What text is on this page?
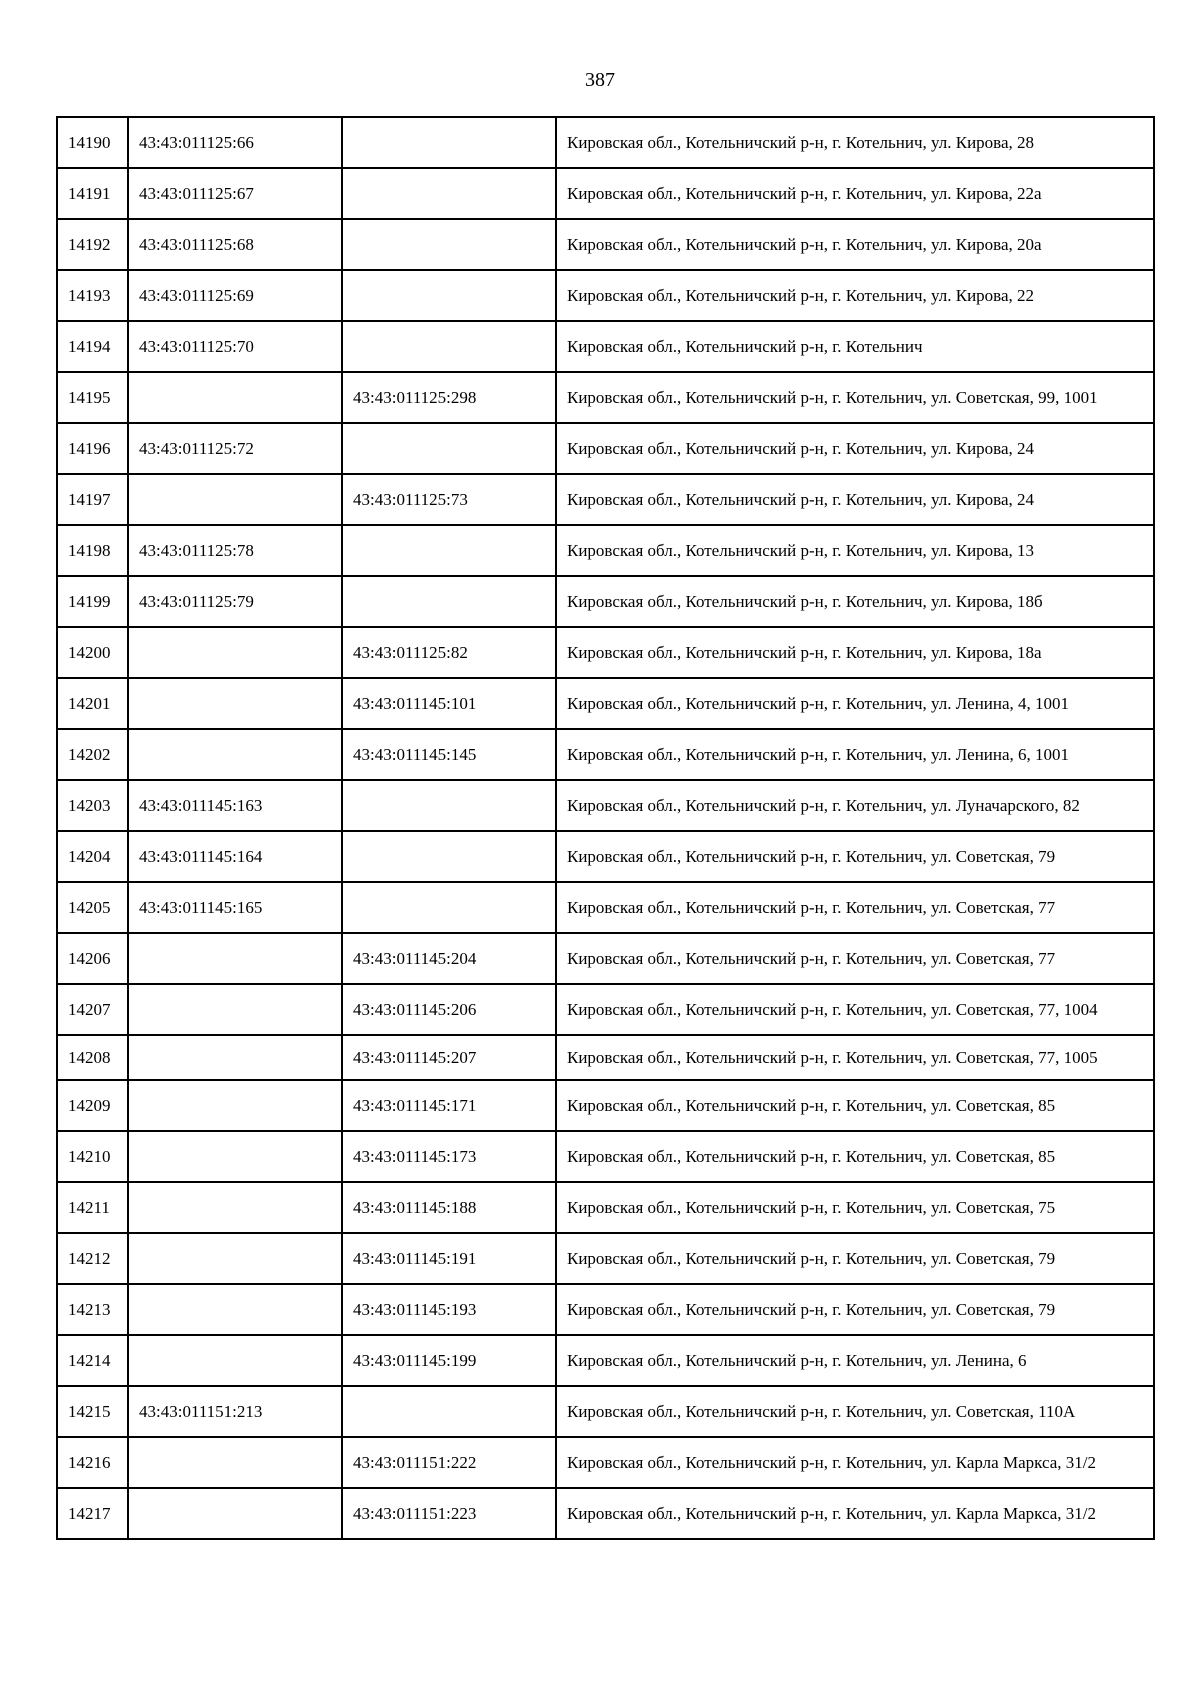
387
14190	43:43:011125:66		Кировская обл., Котельничский р-н, г. Котельнич, ул. Кирова, 28
14191	43:43:011125:67		Кировская обл., Котельничский р-н, г. Котельнич, ул. Кирова, 22а
14192	43:43:011125:68		Кировская обл., Котельничский р-н, г. Котельнич, ул. Кирова, 20а
14193	43:43:011125:69		Кировская обл., Котельничский р-н, г. Котельнич, ул. Кирова, 22
14194	43:43:011125:70		Кировская обл., Котельничский р-н, г. Котельнич
14195		43:43:011125:298	Кировская обл., Котельничский р-н, г. Котельнич, ул. Советская, 99, 1001
14196	43:43:011125:72		Кировская обл., Котельничский р-н, г. Котельнич, ул. Кирова, 24
14197		43:43:011125:73	Кировская обл., Котельничский р-н, г. Котельнич, ул. Кирова, 24
14198	43:43:011125:78		Кировская обл., Котельничский р-н, г. Котельнич, ул. Кирова, 13
14199	43:43:011125:79		Кировская обл., Котельничский р-н, г. Котельнич, ул. Кирова, 18б
14200		43:43:011125:82	Кировская обл., Котельничский р-н, г. Котельнич, ул. Кирова, 18а
14201		43:43:011145:101	Кировская обл., Котельничский р-н, г. Котельнич, ул. Ленина, 4, 1001
14202		43:43:011145:145	Кировская обл., Котельничский р-н, г. Котельнич, ул. Ленина, 6, 1001
14203	43:43:011145:163		Кировская обл., Котельничский р-н, г. Котельнич, ул. Луначарского, 82
14204	43:43:011145:164		Кировская обл., Котельничский р-н, г. Котельнич, ул. Советская, 79
14205	43:43:011145:165		Кировская обл., Котельничский р-н, г. Котельнич, ул. Советская, 77
14206		43:43:011145:204	Кировская обл., Котельничский р-н, г. Котельнич, ул. Советская, 77
14207		43:43:011145:206	Кировская обл., Котельничский р-н, г. Котельнич, ул. Советская, 77, 1004
14208		43:43:011145:207	Кировская обл., Котельничский р-н, г. Котельнич, ул. Советская, 77, 1005
14209		43:43:011145:171	Кировская обл., Котельничский р-н, г. Котельнич, ул. Советская, 85
14210		43:43:011145:173	Кировская обл., Котельничский р-н, г. Котельнич, ул. Советская, 85
14211		43:43:011145:188	Кировская обл., Котельничский р-н, г. Котельнич, ул. Советская, 75
14212		43:43:011145:191	Кировская обл., Котельничский р-н, г. Котельнич, ул. Советская, 79
14213		43:43:011145:193	Кировская обл., Котельничский р-н, г. Котельнич, ул. Советская, 79
14214		43:43:011145:199	Кировская обл., Котельничский р-н, г. Котельнич, ул. Ленина, 6
14215	43:43:011151:213		Кировская обл., Котельничский р-н, г. Котельнич, ул. Советская, 110А
14216		43:43:011151:222	Кировская обл., Котельничский р-н, г. Котельнич, ул. Карла Маркса, 31/2
14217		43:43:011151:223	Кировская обл., Котельничский р-н, г. Котельнич, ул. Карла Маркса, 31/2
